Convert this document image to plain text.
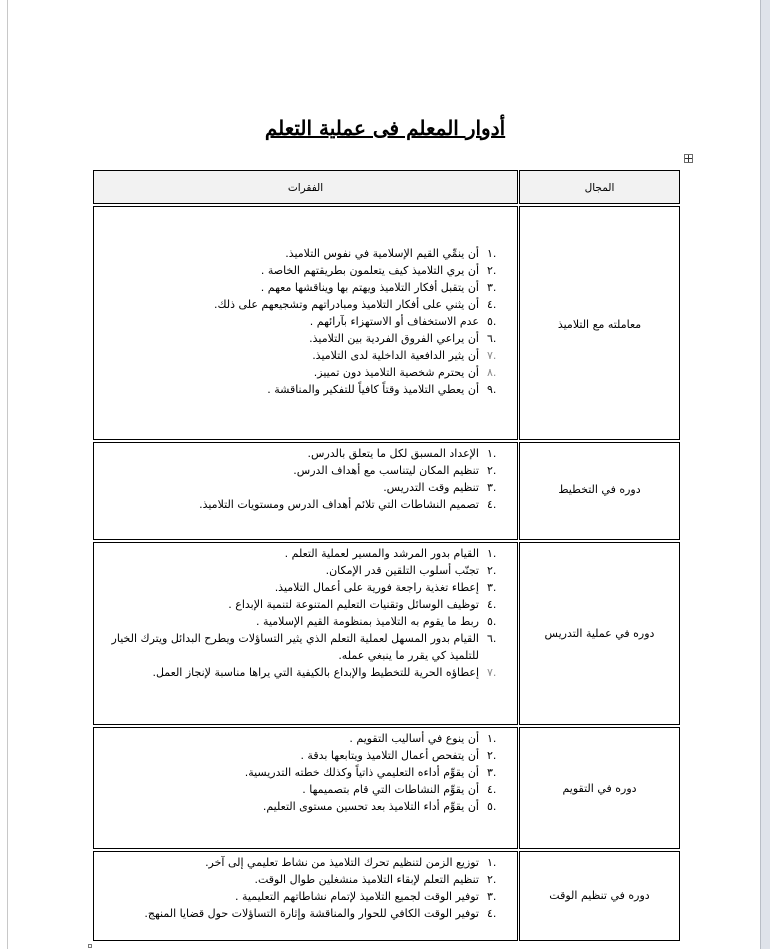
أدوار المعلم فى عملية التعلم
المجال
الفقرات
معاملته مع التلاميذ
١.
أن ينمِّي القيم الإسلامية في نفوس التلاميذ.
٢.
أن يري التلاميذ كيف يتعلمون بطريقتهم الخاصة .
٣.
أن يتقبل أفكار التلاميذ ويهتم بها ويناقشها معهم .
٤.
أن يثني على أفكار التلاميذ ومبادراتهم وتشجيعهم على ذلك.
٥.
عدم الاستخفاف أو الاستهزاء بآرائهم .
٦.
أن يراعي الفروق الفردية بين التلاميذ.
٧.
أن يثير الدافعية الداخلية لدى التلاميذ.
٨.
أن يحترم شخصية التلاميذ دون تمييز.
٩.
أن يعطي التلاميذ وقتاً كافياً للتفكير والمناقشة .
دوره في التخطيط
١.
الإعداد المسبق لكل ما يتعلق بالدرس.
٢.
تنظيم المكان ليتناسب مع أهداف الدرس.
٣.
تنظيم وقت التدريس.
٤.
تصميم النشاطات التي تلائم أهداف الدرس ومستويات التلاميذ.
دوره في عملية التدريس
١.
القيام بدور المرشد والمسير لعملية التعلم .
٢.
تجنّب أسلوب التلقين قدر الإمكان.
٣.
إعطاء تغذية راجعة فورية على أعمال التلاميذ.
٤.
توظيف الوسائل وتقنيات التعليم المتنوعة لتنمية الإبداع .
٥.
ربط ما يقوم به التلاميذ بمنظومة القيم الإسلامية .
٦.
القيام بدور المسهل لعملية التعلم الذي يثير التساؤلات ويطرح البدائل ويترك الخيار للتلميذ كي يقرر ما ينبغي عمله.
٧.
إعطاؤه الحرية للتخطيط والإبداع بالكيفية التي يراها مناسبة لإنجاز العمل.
دوره في التقويم
١.
أن ينوع في أساليب التقويم .
٢.
أن يتفحص أعمال التلاميذ ويتابعها بدقة .
٣.
أن يقوِّم أداءه التعليمي ذاتياً وكذلك خطته التدريسية.
٤.
أن يقوِّم النشاطات التي قام بتصميمها .
٥.
أن يقوِّم أداء التلاميذ بعد تحسين مستوى التعليم.
دوره في تنظيم الوقت
١.
توزيع الزمن لتنظيم تحرك التلاميذ من نشاط تعليمي إلى آخر.
٢.
تنظيم التعلم لإبقاء التلاميذ منشغلين طوال الوقت.
٣.
توفير الوقت لجميع التلاميذ لإتمام نشاطاتهم التعليمية .
٤.
توفير الوقت الكافي للحوار والمناقشة وإثارة التساؤلات حول قضايا المنهج.
